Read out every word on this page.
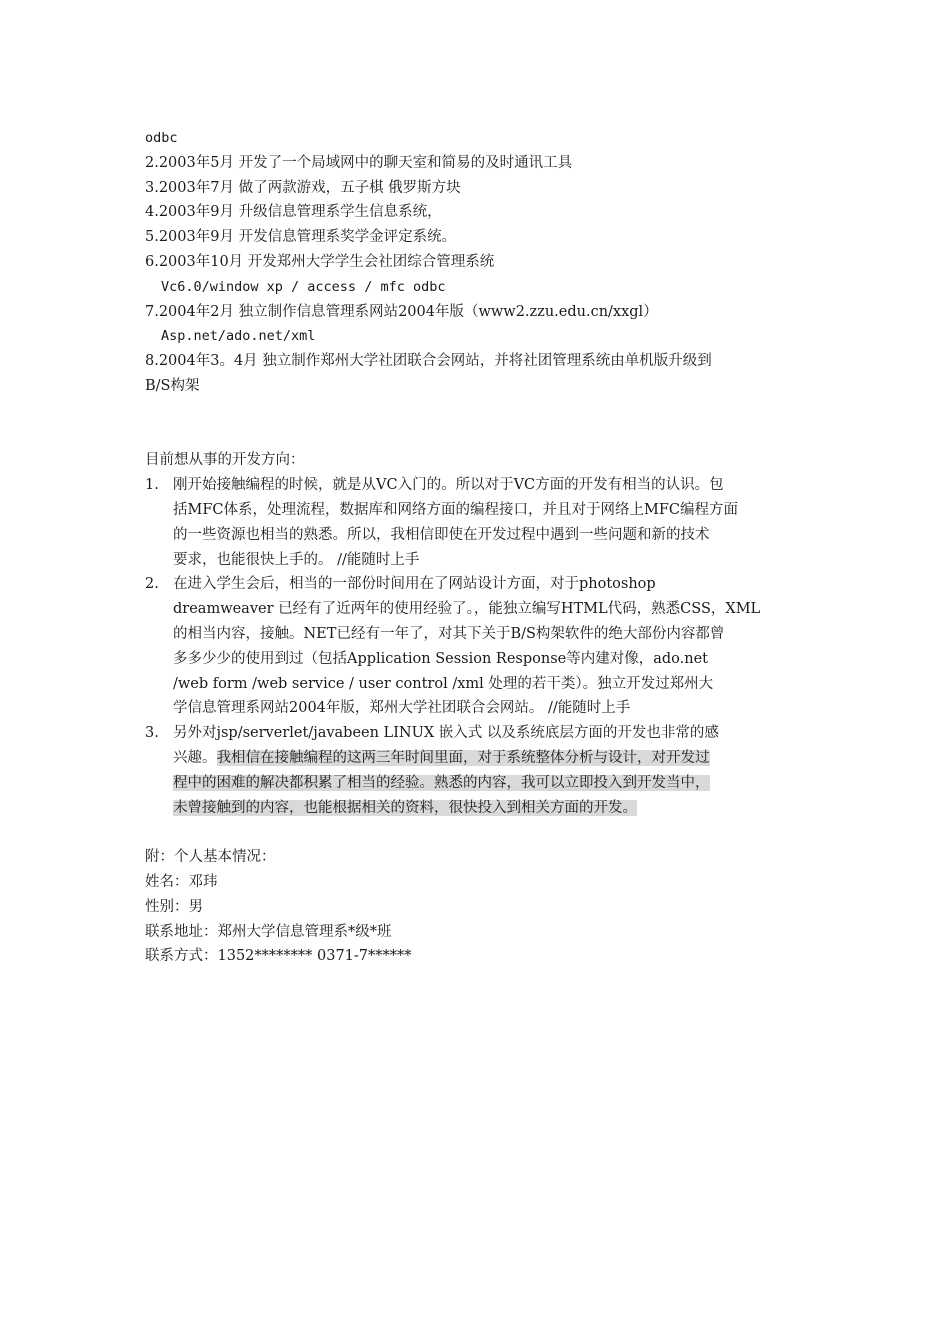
odbc
2.2003年5月 开发了一个局域网中的聊天室和简易的及时通讯工具
3.2003年7月 做了两款游戏，五子棋 俄罗斯方块
4.2003年9月 升级信息管理系学生信息系统，
5.2003年9月 开发信息管理系奖学金评定系统。
6.2003年10月 开发郑州大学学生会社团综合管理系统
Vc6.0/window xp / access / mfc odbc
7.2004年2月 独立制作信息管理系网站2004年版（www2.zzu.edu.cn/xxgl）
Asp.net/ado.net/xml
8.2004年3。4月 独立制作郑州大学社团联合会网站，并将社团管理系统由单机版升级到
B/S构架
目前想从事的开发方向：
1. 刚开始接触编程的时候，就是从VC入门的。所以对于VC方面的开发有相当的认识。包
括MFC体系，处理流程，数据库和网络方面的编程接口，并且对于网络上MFC编程方面
的一些资源也相当的熟悉。所以，我相信即使在开发过程中遇到一些问题和新的技术
要求，也能很快上手的。 //能随时上手
2. 在进入学生会后，相当的一部份时间用在了网站设计方面，对于photoshop
dreamweaver 已经有了近两年的使用经验了。，能独立编写HTML代码，熟悉CSS，XML
的相当内容，接触。NET已经有一年了，对其下关于B/S构架软件的绝大部份内容都曾
多多少少的使用到过（包括Application Session Response等内建对像，ado.net
/web form /web service / user control /xml 处理的若干类）。独立开发过郑州大
学信息管理系网站2004年版，郑州大学社团联合会网站。 //能随时上手
3. 另外对jsp/serverlet/javabeen LINUX 嵌入式 以及系统底层方面的开发也非常的感
兴趣。我相信在接触编程的这两三年时间里面，对于系统整体分析与设计，对开发过
程中的困难的解决都积累了相当的经验。熟悉的内容，我可以立即投入到开发当中，
未曾接触到的内容，也能根据相关的资料，很快投入到相关方面的开发。
附：个人基本情况：
姓名：邓玮
性别：男
联系地址：郑州大学信息管理系*级*班
联系方式：1352******** 0371-7******
